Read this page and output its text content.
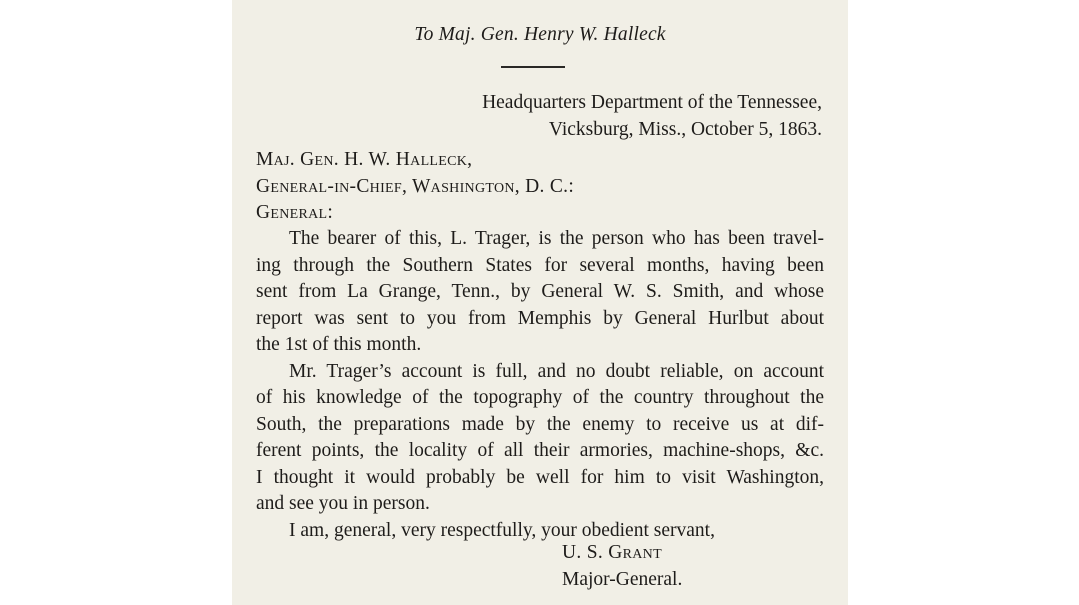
To Maj. Gen. Henry W. Halleck
Headquarters Department of the Tennessee,
Vicksburg, Miss., October 5, 1863.
Maj. Gen. H. W. Halleck,
General-in-Chief, Washington, D. C.:
General:
The bearer of this, L. Trager, is the person who has been travel-
ing through the Southern States for several months, having been
sent from La Grange, Tenn., by General W. S. Smith, and whose
report was sent to you from Memphis by General Hurlbut about
the 1st of this month.
Mr. Trager’s account is full, and no doubt reliable, on account
of his knowledge of the topography of the country throughout the
South, the preparations made by the enemy to receive us at dif-
ferent points, the locality of all their armories, machine-shops, &c.
I thought it would probably be well for him to visit Washington,
and see you in person.
I am, general, very respectfully, your obedient servant,
U. S. Grant
Major-General.
